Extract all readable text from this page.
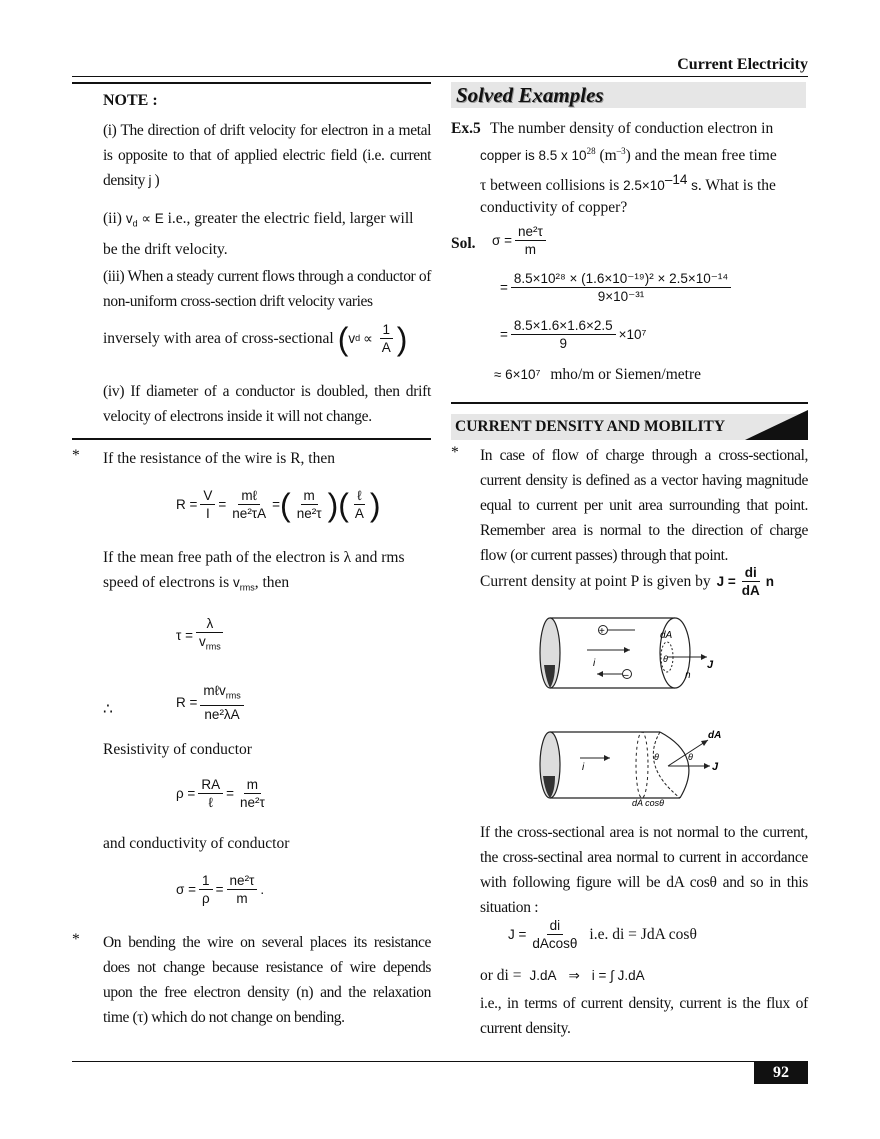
Current Electricity
NOTE :
(i) The direction of drift velocity for electron in a metal is opposite to that of applied electric field (i.e. current density j )
(ii) $v_d \propto E$ i.e., greater the electric field, larger will be the drift velocity.
(iii) When a steady current flows through a conductor of non-uniform cross-section drift velocity varies
inversely with area of cross-sectional ( v $d \propto \frac{1}{A}$ )
(iv) If diameter of a conductor is doubled, then drift velocity of electrons inside it will not change.
* If the resistance of the wire is R, then
$R = \frac{V}{I} = \frac{\text{mℓ}}{\text{ne²τA}}$ = ( $\frac{m}{\text{ne²τ}}$ ) ( $\frac{\text{ℓ}}{A}$ )
If the mean free path of the electron is λ and rms speed of electrons is $v_{rms}$, then
$\tau = \frac{\lambda}{v_{rms}}$
∴	$R = \frac{m\ell v_{rms}}{\text{ne²λA}}$
Resistivity of conductor
$\rho = \frac{RA}{\text{ℓ}} = \frac{m}{\text{ne²τ}}$
and conductivity of conductor
$\sigma = \frac{1}{\rho} = \frac{\text{ne²τ}}{m}$ .
* On bending the wire on several places its resistance does not change because resistance of wire depends upon the free electron density (n) and the relaxation time (τ) which do not change on bending.
Solved Examples
Ex.5 The number density of conduction electron in
copper is 8.5 x $10^{28}$ $(m^{-3})$ and the mean free time
τ between collisions is $2.5\times 10^{-14}$ s. What is the
conductivity of copper?
Sol. $\sigma = \frac{\text{ne²τ}}{m}$
= $\frac{\text{8.5×10²⁸ × (1.6×10⁻¹⁹)² × 2.5×10⁻¹⁴}}{\text{9×10⁻³¹}}$
= $\frac{8.5\times 1.6\times 1.6\times 2.5}{9} \times 10^7$
≈ 6×10⁷ mho/m or Siemen/metre
CURRENT DENSITY AND MOBILITY
* In case of flow of charge through a cross-sectional, current density is defined as a vector having magnitude equal to current per unit area surrounding that point. Remember area is normal to the direction of charge flow (or current passes) through that point.
Current density at point P is given by $J = \frac{di}{dA}$ n
+
–
dA
θ
i	J
n
i
dA
θ	θ
J
dA cosθ
If the cross-sectional area is not normal to the current, the cross-sectinal area normal to current in accordance with following figure will be dA cosθ and so in this situation :
$J = \frac{di}{dAcos\theta} i.e$. di = JdA cosθ
or di = J.dA ⇒ i = ∫ J.dA
i.e., in terms of current density, current is the flux of current density.
92
